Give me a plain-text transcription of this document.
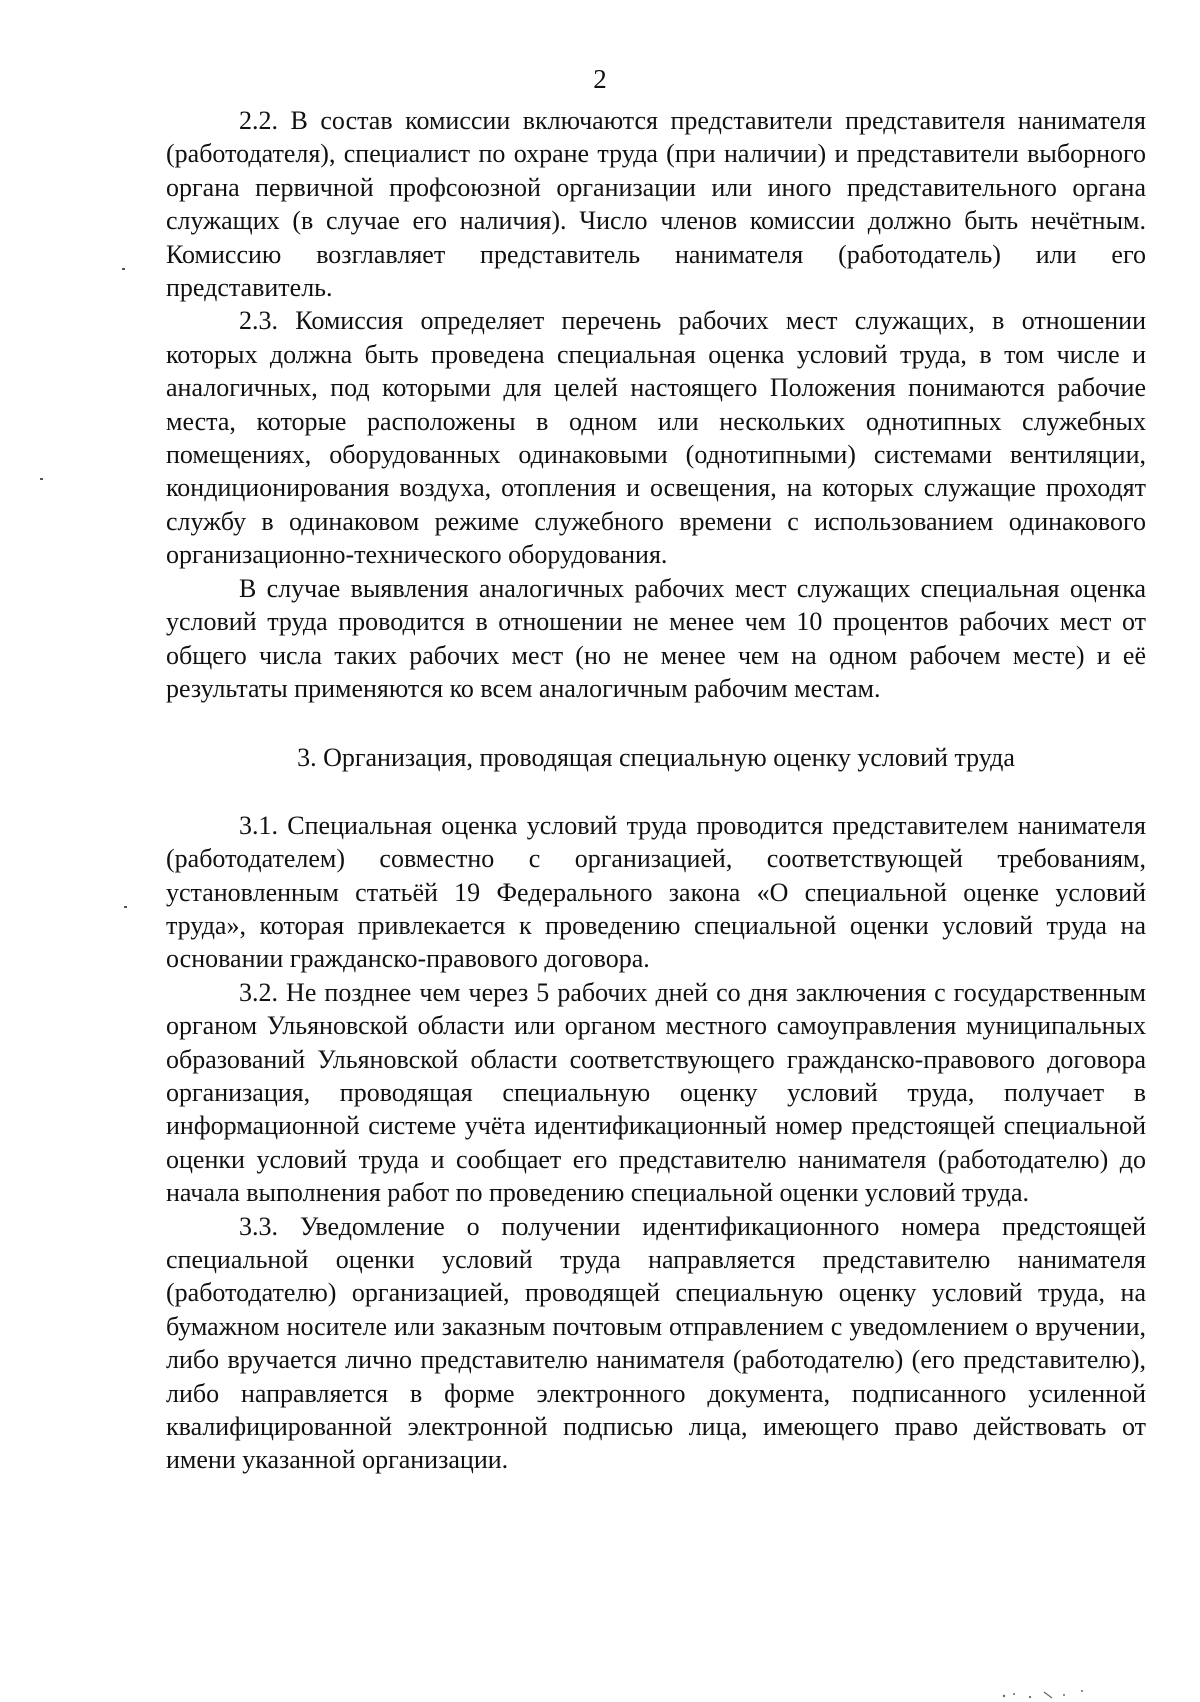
2

2.2. В состав комиссии включаются представители представителя нанимателя (работодателя), специалист по охране труда (при наличии) и представители выборного органа первичной профсоюзной организации или иного представительного органа служащих (в случае его наличия). Число членов комиссии должно быть нечётным. Комиссию возглавляет представитель нанимателя (работодатель) или его представитель.

2.3. Комиссия определяет перечень рабочих мест служащих, в отношении которых должна быть проведена специальная оценка условий труда, в том числе и аналогичных, под которыми для целей настоящего Положения понимаются рабочие места, которые расположены в одном или нескольких однотипных служебных помещениях, оборудованных одинаковыми (однотипными) системами вентиляции, кондиционирования воздуха, отопления и освещения, на которых служащие проходят службу в одинаковом режиме служебного времени с использованием одинакового организационно-технического оборудования.

В случае выявления аналогичных рабочих мест служащих специальная оценка условий труда проводится в отношении не менее чем 10 процентов рабочих мест от общего числа таких рабочих мест (но не менее чем на одном рабочем месте) и её результаты применяются ко всем аналогичным рабочим местам.

3. Организация, проводящая специальную оценку условий труда

3.1. Специальная оценка условий труда проводится представителем нанимателя (работодателем) совместно с организацией, соответствующей требованиям, установленным статьёй 19 Федерального закона «О специальной оценке условий труда», которая привлекается к проведению специальной оценки условий труда на основании гражданско-правового договора.

3.2. Не позднее чем через 5 рабочих дней со дня заключения с государственным органом Ульяновской области или органом местного самоуправления муниципальных образований Ульяновской области соответствующего гражданско-правового договора организация, проводящая специальную оценку условий труда, получает в информационной системе учёта идентификационный номер предстоящей специальной оценки условий труда и сообщает его представителю нанимателя (работодателю) до начала выполнения работ по проведению специальной оценки условий труда.

3.3. Уведомление о получении идентификационного номера предстоящей специальной оценки условий труда направляется представителю нанимателя (работодателю) организацией, проводящей специальную оценку условий труда, на бумажном носителе или заказным почтовым отправлением с уведомлением о вручении, либо вручается лично представителю нанимателя (работодателю) (его представителю), либо направляется в форме электронного документа, подписанного усиленной квалифицированной электронной подписью лица, имеющего право действовать от имени указанной организации.
